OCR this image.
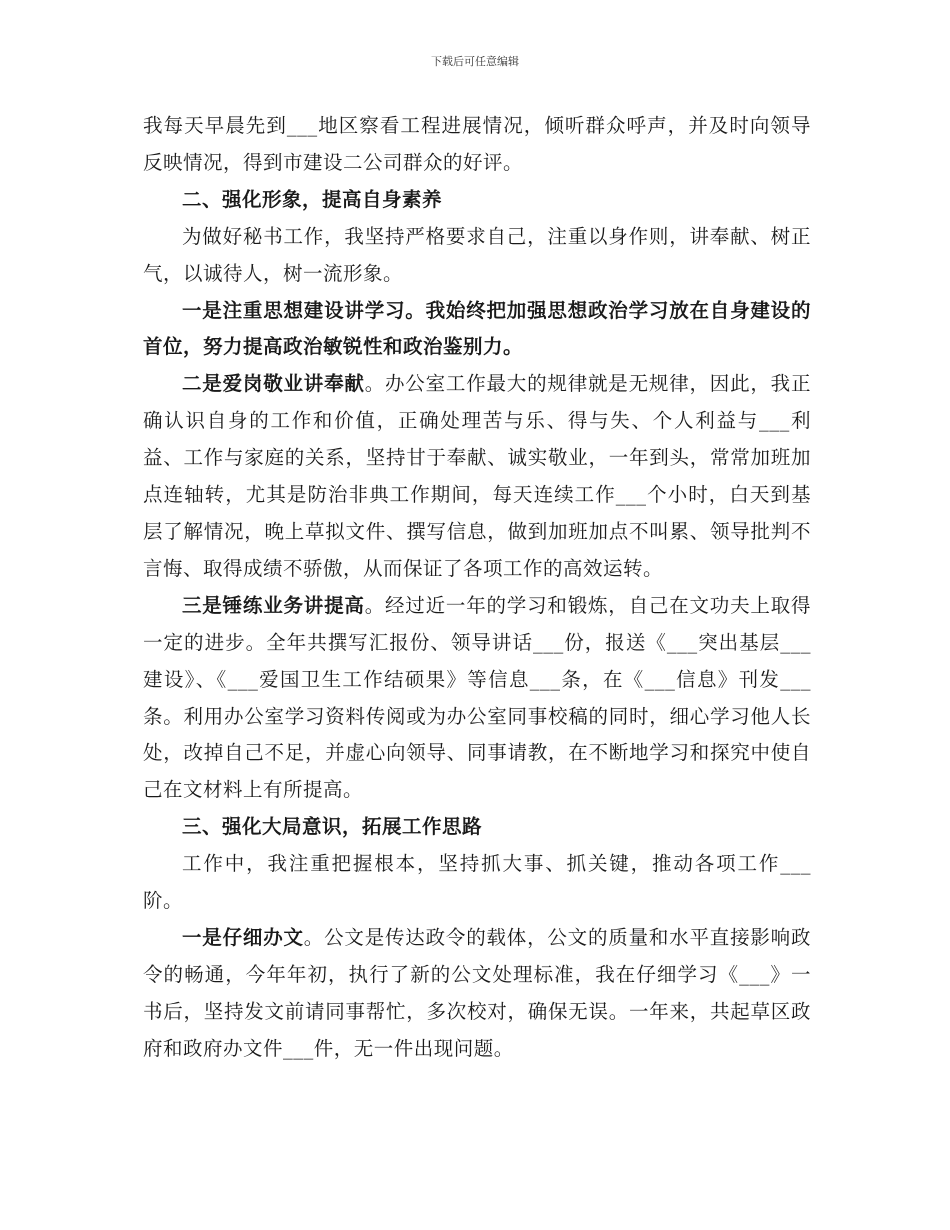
下载后可任意编辑

我每天早晨先到___地区察看工程进展情况，倾听群众呼声，并及时向领导反映情况，得到市建设二公司群众的好评。

二、强化形象，提高自身素养

为做好秘书工作，我坚持严格要求自己，注重以身作则，讲奉献、树正气，以诚待人，树一流形象。

一是注重思想建设讲学习。我始终把加强思想政治学习放在自身建设的首位，努力提高政治敏锐性和政治鉴别力。

二是爱岗敬业讲奉献。办公室工作最大的规律就是无规律，因此，我正确认识自身的工作和价值，正确处理苦与乐、得与失、个人利益与___利益、工作与家庭的关系，坚持甘于奉献、诚实敬业，一年到头，常常加班加点连轴转，尤其是防治非典工作期间，每天连续工作___个小时，白天到基层了解情况，晚上草拟文件、撰写信息，做到加班加点不叫累、领导批判不言悔、取得成绩不骄傲，从而保证了各项工作的高效运转。

三是锤练业务讲提高。经过近一年的学习和锻炼，自己在文功夫上取得一定的进步。全年共撰写汇报份、领导讲话___份，报送《___突出基层___建设》、《___爱国卫生工作结硕果》等信息___条，在《___信息》刊发___条。利用办公室学习资料传阅或为办公室同事校稿的同时，细心学习他人长处，改掉自己不足，并虚心向领导、同事请教，在不断地学习和探究中使自己在文材料上有所提高。

三、强化大局意识，拓展工作思路

工作中，我注重把握根本，坚持抓大事、抓关键，推动各项工作___阶。

一是仔细办文。公文是传达政令的载体，公文的质量和水平直接影响政令的畅通，今年年初，执行了新的公文处理标准，我在仔细学习《___》一书后，坚持发文前请同事帮忙，多次校对，确保无误。一年来，共起草区政府和政府办文件___件，无一件出现问题。
